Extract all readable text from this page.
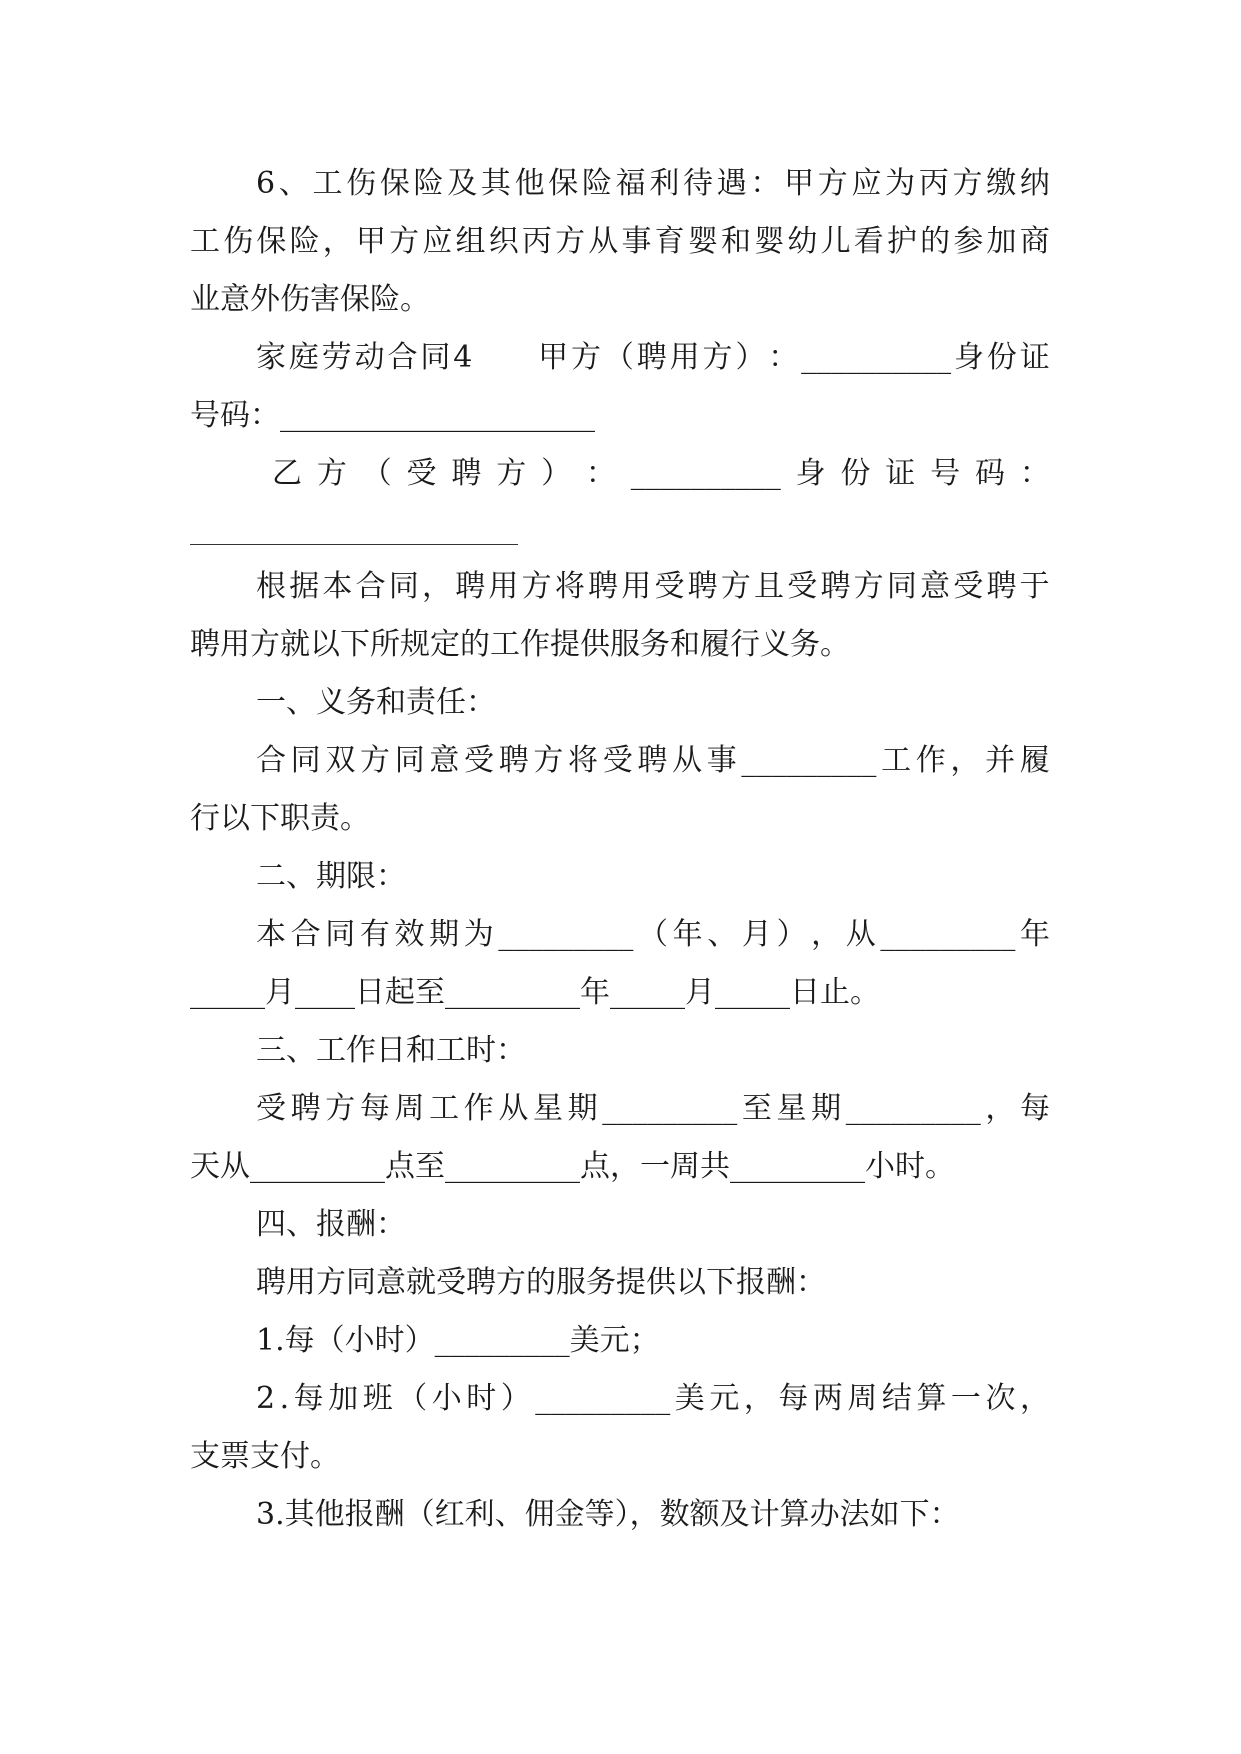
6 、 工 伤 保 险 及 其 他 保 险 福 利 待 遇 ： 甲 方 应 为 丙 方 缴 纳
工 伤 保 险 ， 甲 方 应 组 织 丙 方 从 事 育 婴 和 婴 幼 儿 看 护 的 参 加 商
业意外伤害保险。
家 庭 劳 动 合 同 4
　　 甲 方 （ 聘 用 方 ） ： __________ 身 份 证
号码：_____________________
乙 方 （ 受 聘 方 ） ： __________ 身 份 证 号 码 ：
根 据 本 合 同 ， 聘 用 方 将 聘 用 受 聘 方 且 受 聘 方 同 意 受 聘 于
聘用方就以下所规定的工作提供服务和履行义务。
一、义务和责任：
合 同 双 方 同 意 受 聘 方 将 受 聘 从 事 _________ 工 作 ， 并 履
行以下职责。
二、期限：
本 合 同 有 效 期 为 _________ （ 年 、 月 ） ， 从 _________ 年
_____月____日起至_________年_____月_____日止。
三、工作日和工时：
受 聘 方 每 周 工 作 从 星 期 _________ 至 星 期 _________ ， 每
天从_________点至_________点，一周共_________小时。
四、报酬：
聘用方同意就受聘方的服务提供以下报酬：
1.每（小时）_________美元；
2 . 每 加 班 （ 小 时 ） _________ 美 元 ， 每 两 周 结 算 一 次 ，
支票支付。
3.其他报酬（红利、佣金等），数额及计算办法如下：
